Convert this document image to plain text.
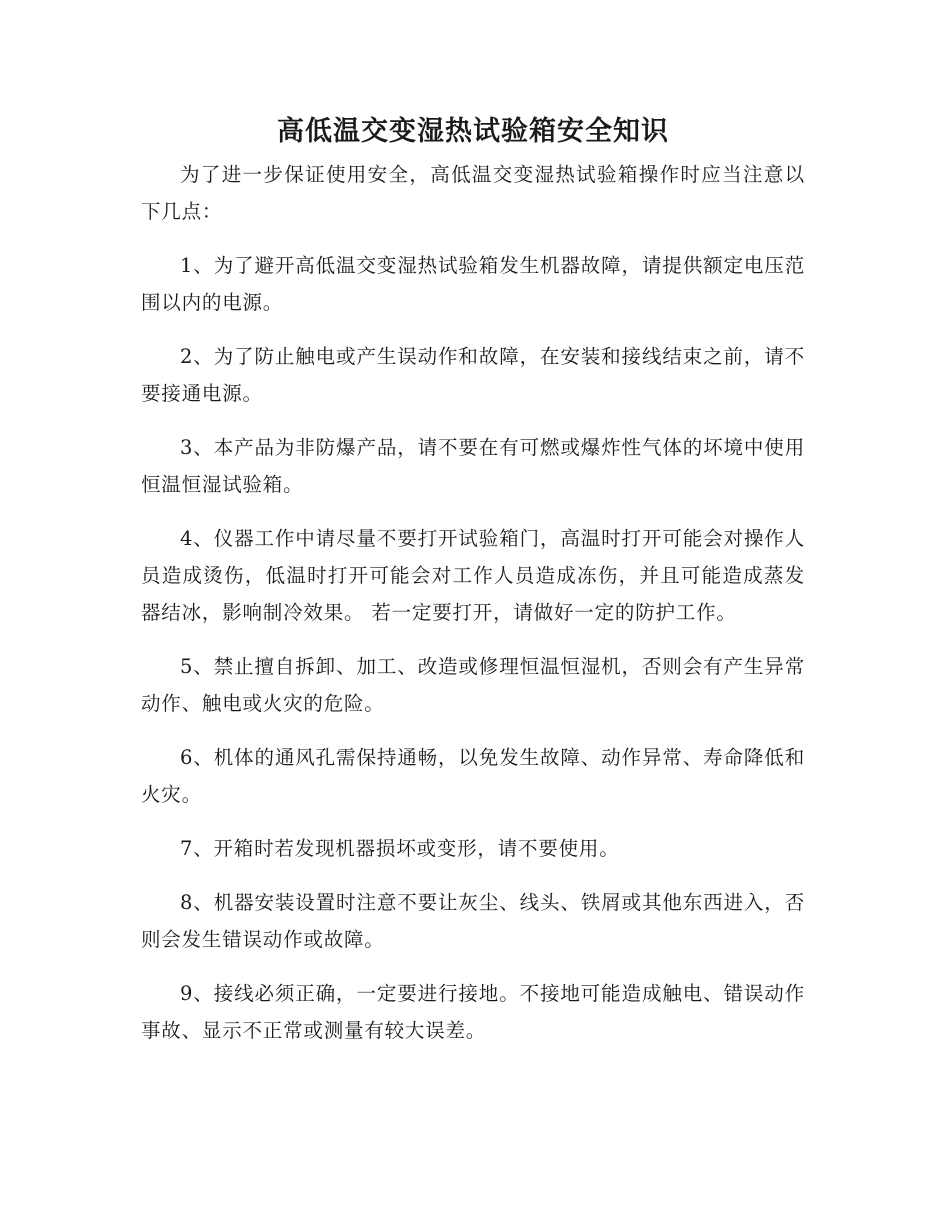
高低温交变湿热试验箱安全知识

为了进一步保证使用安全，高低温交变湿热试验箱操作时应当注意以下几点：

1、为了避开高低温交变湿热试验箱发生机器故障，请提供额定电压范围以内的电源。

2、为了防止触电或产生误动作和故障，在安装和接线结束之前，请不要接通电源。

3、本产品为非防爆产品，请不要在有可燃或爆炸性气体的坏境中使用恒温恒湿试验箱。

4、仪器工作中请尽量不要打开试验箱门，高温时打开可能会对操作人员造成烫伤，低温时打开可能会对工作人员造成冻伤，并且可能造成蒸发器结冰，影响制冷效果。 若一定要打开，请做好一定的防护工作。

5、禁止擅自拆卸、加工、改造或修理恒温恒湿机，否则会有产生异常动作、触电或火灾的危险。

6、机体的通风孔需保持通畅，以免发生故障、动作异常、寿命降低和火灾。

7、开箱时若发现机器损坏或变形，请不要使用。

8、机器安装设置时注意不要让灰尘、线头、铁屑或其他东西进入，否则会发生错误动作或故障。

9、接线必须正确，一定要进行接地。不接地可能造成触电、错误动作事故、显示不正常或测量有较大误差。
